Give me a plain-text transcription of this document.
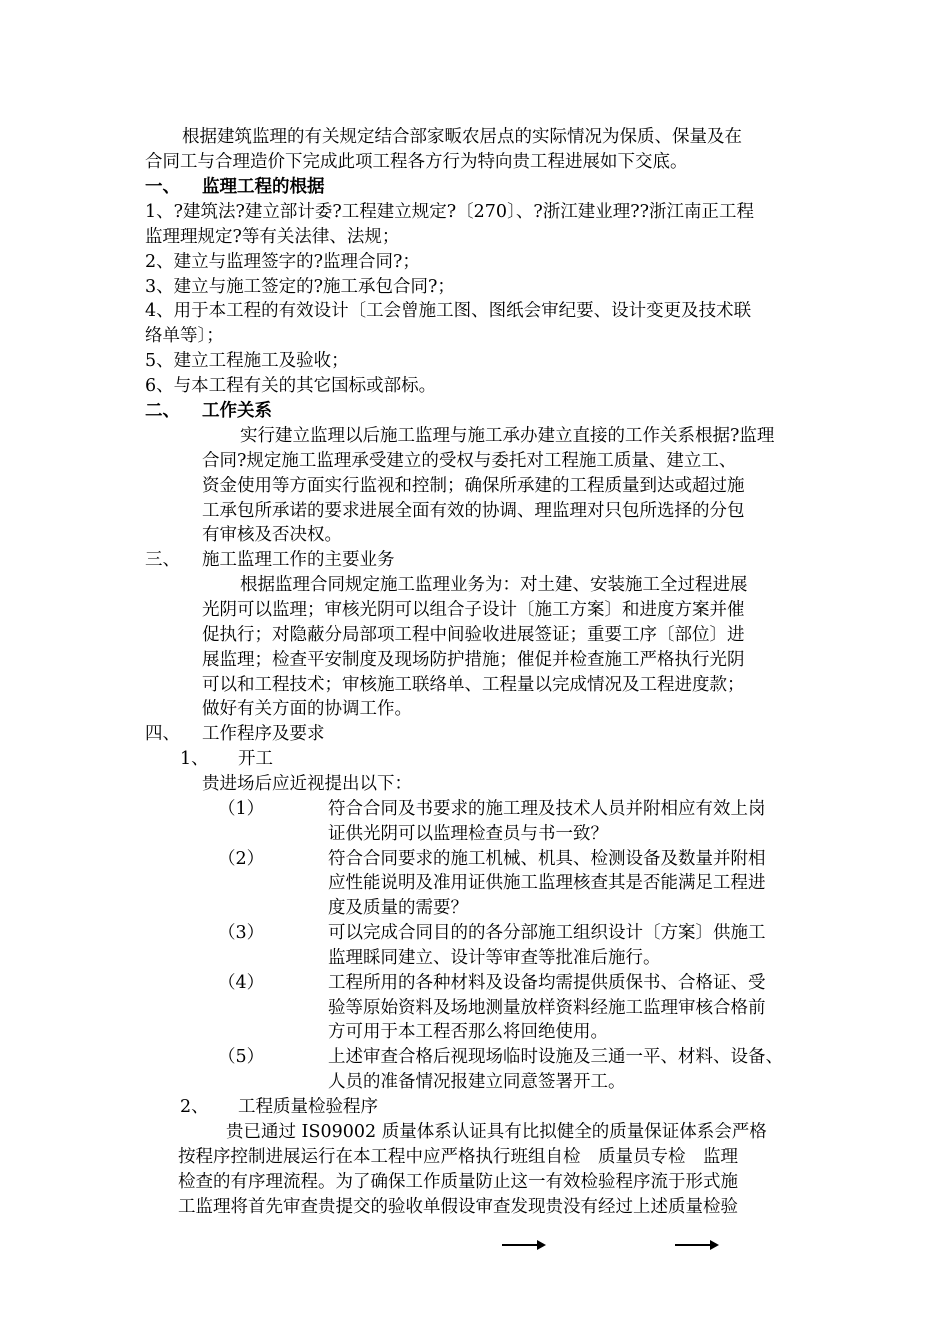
根据建筑监理的有关规定结合部家畈农居点的实际情况为保质、保量及在
合同工与合理造价下完成此项工程各方行为特向贵工程进展如下交底。
一、 监理工程的根据
1、?建筑法?建立部计委?工程建立规定?〔270〕、?浙江建业理??浙江南正工程
监理理规定?等有关法律、法规；
2、建立与监理签字的?监理合同?；
3、建立与施工签定的?施工承包合同?；
4、用于本工程的有效设计〔工会曾施工图、图纸会审纪要、设计变更及技术联
络单等〕；
5、建立工程施工及验收；
6、与本工程有关的其它国标或部标。
二、 工作关系
实行建立监理以后施工监理与施工承办建立直接的工作关系根据?监理
合同?规定施工监理承受建立的受权与委托对工程施工质量、建立工、
资金使用等方面实行监视和控制；确保所承建的工程质量到达或超过施
工承包所承诺的要求进展全面有效的协调、理监理对只包所选择的分包
有审核及否决权。
三、 施工监理工作的主要业务
根据监理合同规定施工监理业务为：对土建、安装施工全过程进展
光阴可以监理；审核光阴可以组合子设计〔施工方案〕和进度方案并催
促执行；对隐蔽分局部项工程中间验收进展签证；重要工序〔部位〕进
展监理；检查平安制度及现场防护措施；催促并检查施工严格执行光阴
可以和工程技术；审核施工联络单、工程量以完成情况及工程进度款；
做好有关方面的协调工作。
四、 工作程序及要求
1、 开工
贵进场后应近视提出以下：
（1）	符合合同及书要求的施工理及技术人员并附相应有效上岗
证供光阴可以监理检查员与书一致？
（2）	符合合同要求的施工机械、机具、检测设备及数量并附相
应性能说明及准用证供施工监理核查其是否能满足工程进
度及质量的需要？
（3）	可以完成合同目的的各分部施工组织设计〔方案〕供施工
监理睬同建立、设计等审查等批准后施行。
（4）	工程所用的各种材料及设备均需提供质保书、合格证、受
验等原始资料及场地测量放样资料经施工监理审核合格前
方可用于本工程否那么将回绝使用。
（5）	上述审查合格后视现场临时设施及三通一平、材料、设备、
人员的准备情况报建立同意签署开工。
2、 工程质量检验程序
贵已通过 IS09002 质量体系认证具有比拟健全的质量保证体系会严格
按程序控制进展运行在本工程中应严格执行班组自检　质量员专检　监理
检查的有序理流程。为了确保工作质量防止这一有效检验程序流于形式施
工监理将首先审查贵提交的验收单假设审查发现贵没有经过上述质量检验
